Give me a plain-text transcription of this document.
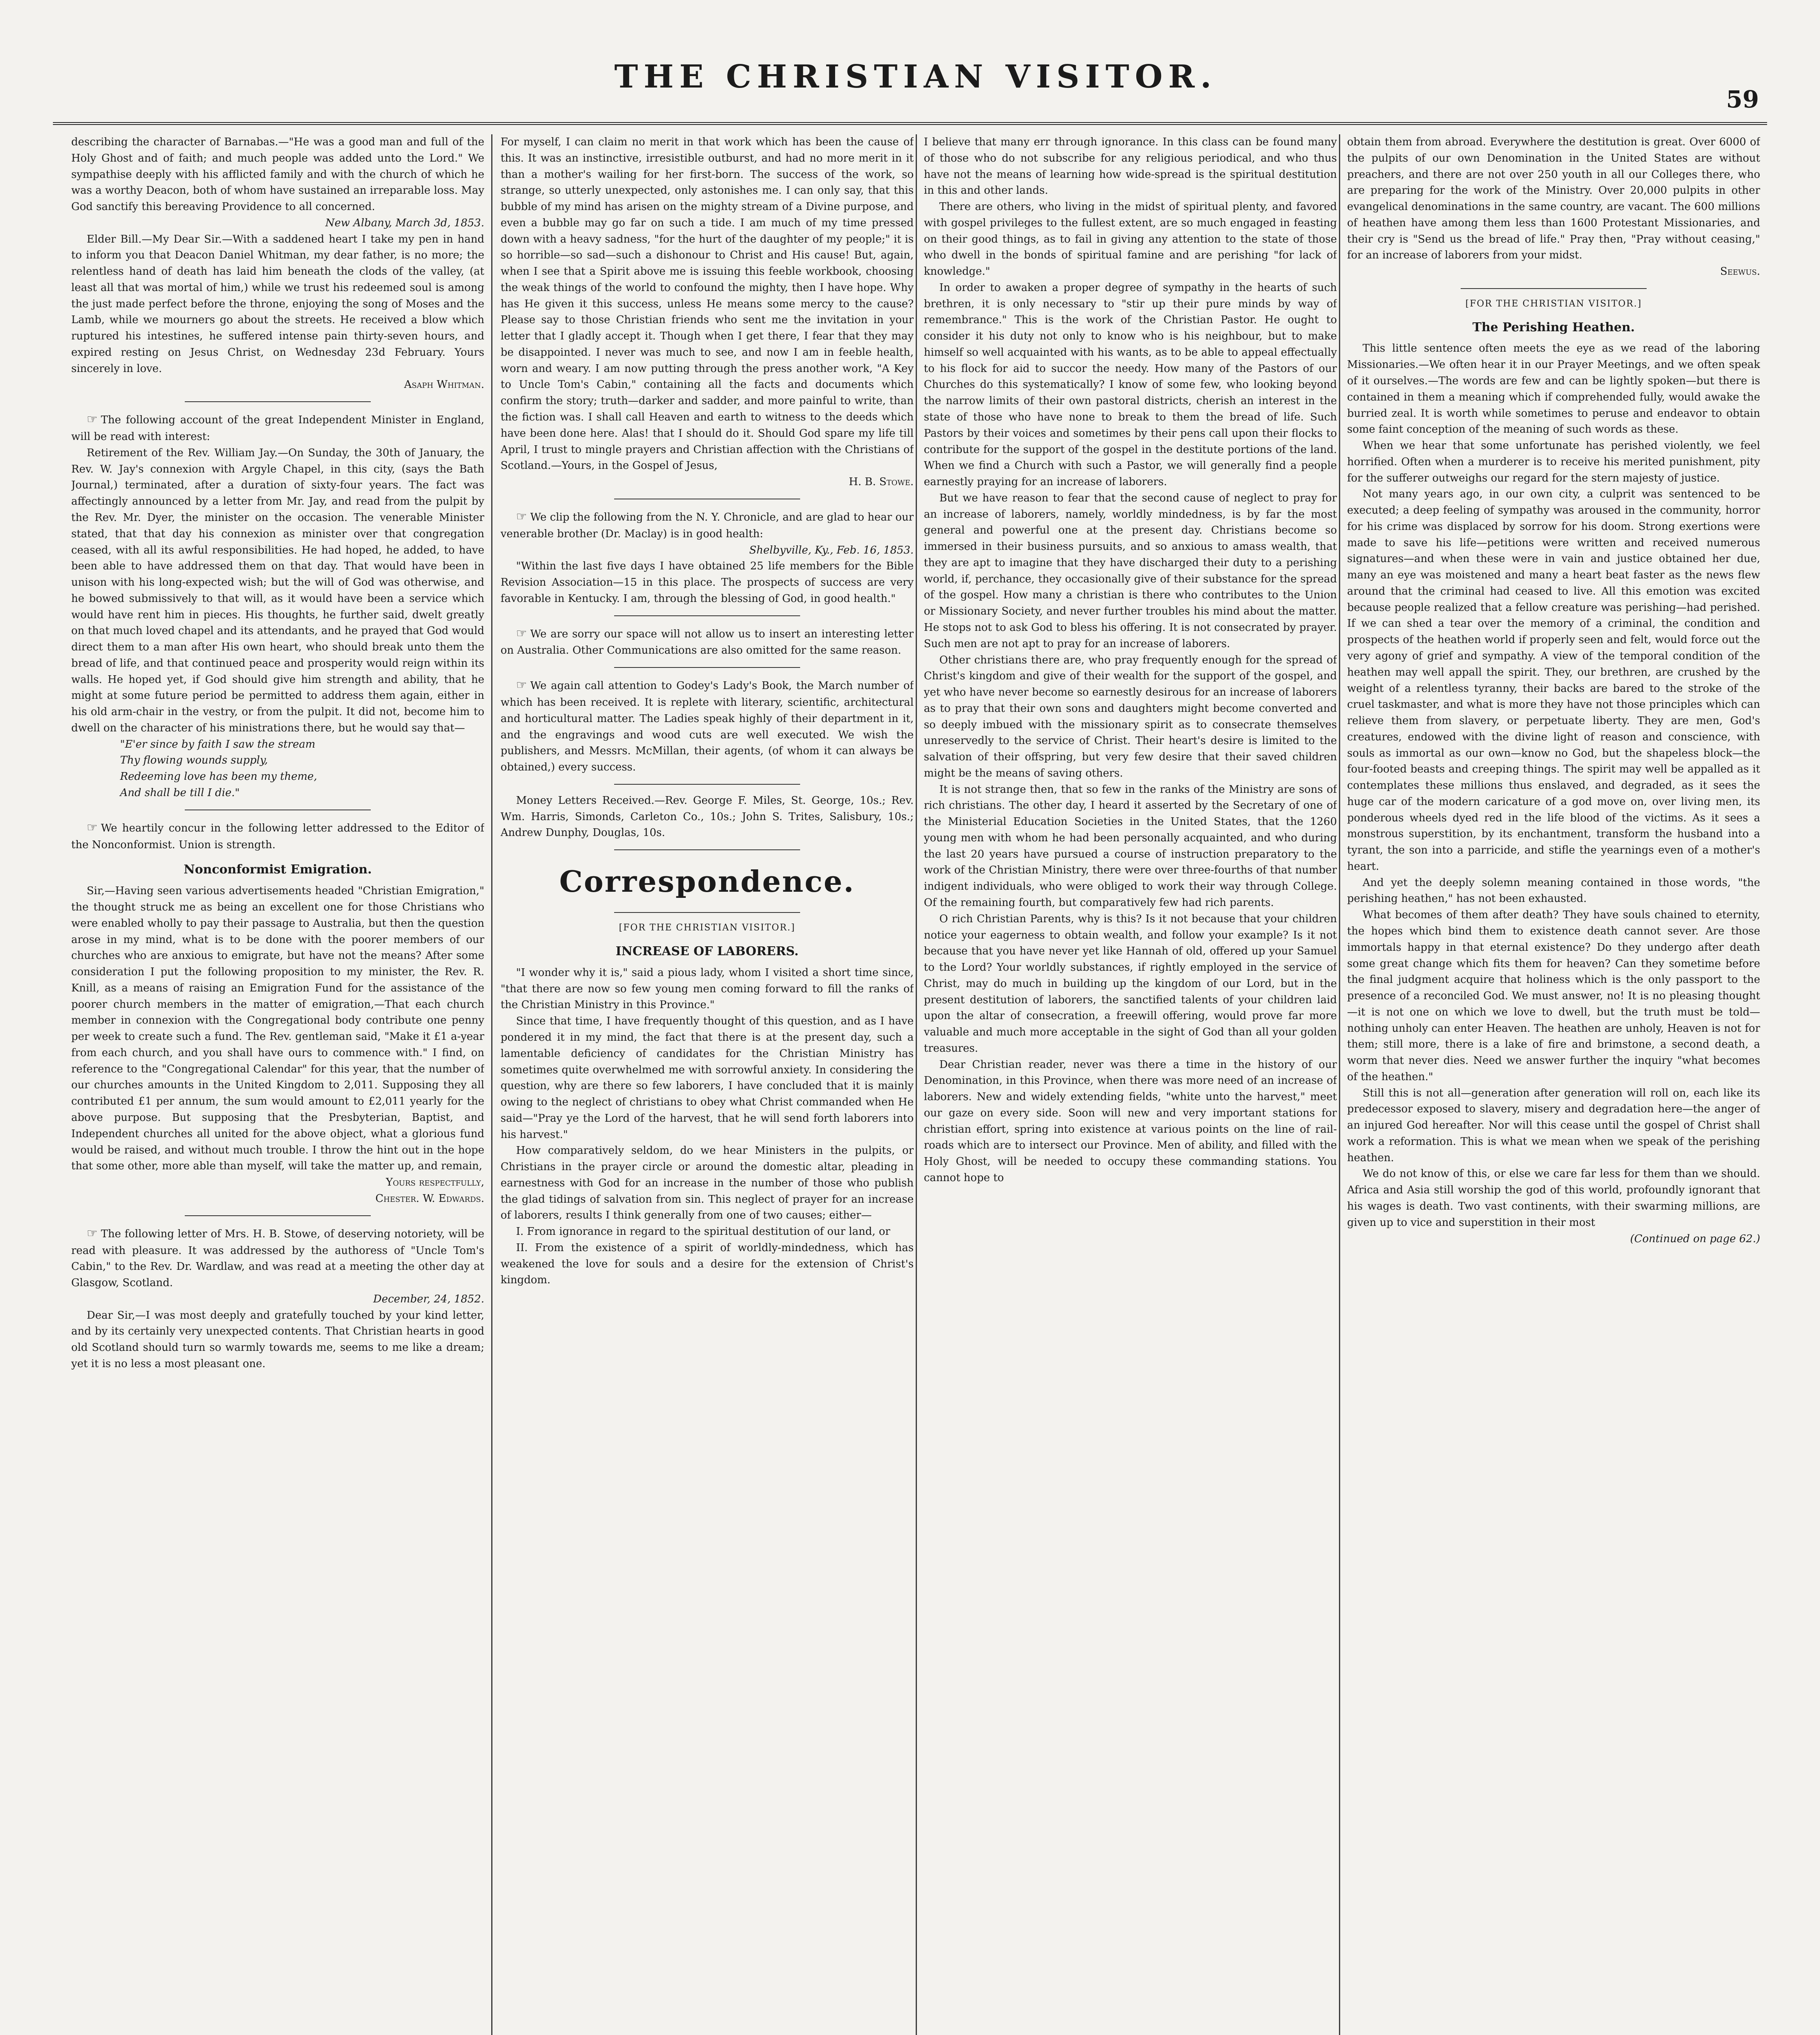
THE CHRISTIAN VISITOR.
59

describing the character of Barnabas.—"He was a good man and full of the Holy Ghost and of faith; and much people was added unto the Lord." We sympathise deeply with his afflicted family and with the church of which he was a worthy Deacon, both of whom have sustained an irreparable loss. May God sanctify this bereaving Providence to all concerned.

New Albany, March 3d, 1853.

Elder Bill.—My Dear Sir.—With a saddened heart I take my pen in hand to inform you that Deacon Daniel Whitman, my dear father, is no more; the relentless hand of death has laid him beneath the clods of the valley, (at least all that was mortal of him,) while we trust his redeemed soul is among the just made perfect before the throne, enjoying the song of Moses and the Lamb, while we mourners go about the streets. He received a blow which ruptured his intestines, he suffered intense pain thirty-seven hours, and expired resting on Jesus Christ, on Wednesday 23d February. Yours sincerely in love.

Asaph Whitman.

☞ The following account of the great Independent Minister in England, will be read with interest:

Retirement of the Rev. William Jay.—On Sunday, the 30th of January, the Rev. W. Jay's connexion with Argyle Chapel, in this city, (says the Bath Journal,) terminated, after a duration of sixty-four years. The fact was affectingly announced by a letter from Mr. Jay, and read from the pulpit by the Rev. Mr. Dyer, the minister on the occasion. The venerable Minister stated, that that day his connexion as minister over that congregation ceased, with all its awful responsibilities. He had hoped, he added, to have been able to have addressed them on that day. That would have been in unison with his long-expected wish; but the will of God was otherwise, and he bowed submissively to that will, as it would have been a service which would have rent him in pieces. His thoughts, he further said, dwelt greatly on that much loved chapel and its attendants, and he prayed that God would direct them to a man after His own heart, who should break unto them the bread of life, and that continued peace and prosperity would reign within its walls. He hoped yet, if God should give him strength and ability, that he might at some future period be permitted to address them again, either in his old arm-chair in the vestry, or from the pulpit. It did not, become him to dwell on the character of his ministrations there, but he would say that—

"E'er since by faith I saw the stream

Thy flowing wounds supply,

Redeeming love has been my theme,

And shall be till I die."

☞ We heartily concur in the following letter addressed to the Editor of the Nonconformist. Union is strength.

Nonconformist Emigration.

Sir,—Having seen various advertisements headed "Christian Emigration," the thought struck me as being an excellent one for those Christians who were enabled wholly to pay their passage to Australia, but then the question arose in my mind, what is to be done with the poorer members of our churches who are anxious to emigrate, but have not the means? After some consideration I put the following proposition to my minister, the Rev. R. Knill, as a means of raising an Emigration Fund for the assistance of the poorer church members in the matter of emigration,—That each church member in connexion with the Congregational body contribute one penny per week to create such a fund. The Rev. gentleman said, "Make it £1 a-year from each church, and you shall have ours to commence with." I find, on reference to the "Congregational Calendar" for this year, that the number of our churches amounts in the United Kingdom to 2,011. Supposing they all contributed £1 per annum, the sum would amount to £2,011 yearly for the above purpose. But supposing that the Presbyterian, Baptist, and Independent churches all united for the above object, what a glorious fund would be raised, and without much trouble. I throw the hint out in the hope that some other, more able than myself, will take the matter up, and remain,

Yours respectfully,

Chester. W. Edwards.

☞ The following letter of Mrs. H. B. Stowe, of deserving notoriety, will be read with pleasure. It was addressed by the authoress of "Uncle Tom's Cabin," to the Rev. Dr. Wardlaw, and was read at a meeting the other day at Glasgow, Scotland.

December, 24, 1852.

Dear Sir,—I was most deeply and gratefully touched by your kind letter, and by its certainly very unexpected contents. That Christian hearts in good old Scotland should turn so warmly towards me, seems to me like a dream; yet it is no less a most pleasant one.

For myself, I can claim no merit in that work which has been the cause of this. It was an instinctive, irresistible outburst, and had no more merit in it than a mother's wailing for her first-born. The success of the work, so strange, so utterly unexpected, only astonishes me. I can only say, that this bubble of my mind has arisen on the mighty stream of a Divine purpose, and even a bubble may go far on such a tide. I am much of my time pressed down with a heavy sadness, "for the hurt of the daughter of my people;" it is so horrible—so sad—such a dishonour to Christ and His cause! But, again, when I see that a Spirit above me is issuing this feeble workbook, choosing the weak things of the world to confound the mighty, then I have hope. Why has He given it this success, unless He means some mercy to the cause? Please say to those Christian friends who sent me the invitation in your letter that I gladly accept it. Though when I get there, I fear that they may be disappointed. I never was much to see, and now I am in feeble health, worn and weary. I am now putting through the press another work, "A Key to Uncle Tom's Cabin," containing all the facts and documents which confirm the story; truth—darker and sadder, and more painful to write, than the fiction was. I shall call Heaven and earth to witness to the deeds which have been done here. Alas! that I should do it. Should God spare my life till April, I trust to mingle prayers and Christian affection with the Christians of Scotland.—Yours, in the Gospel of Jesus,

H. B. Stowe.

☞ We clip the following from the N. Y. Chronicle, and are glad to hear our venerable brother (Dr. Maclay) is in good health:

Shelbyville, Ky., Feb. 16, 1853.

"Within the last five days I have obtained 25 life members for the Bible Revision Association—15 in this place. The prospects of success are very favorable in Kentucky. I am, through the blessing of God, in good health."

☞ We are sorry our space will not allow us to insert an interesting letter on Australia. Other Communications are also omitted for the same reason.

☞ We again call attention to Godey's Lady's Book, the March number of which has been received. It is replete with literary, scientific, architectural and horticultural matter. The Ladies speak highly of their department in it, and the engravings and wood cuts are well executed. We wish the publishers, and Messrs. McMillan, their agents, (of whom it can always be obtained,) every success.

Money Letters Received.—Rev. George F. Miles, St. George, 10s.; Rev. Wm. Harris, Simonds, Carleton Co., 10s.; John S. Trites, Salisbury, 10s.; Andrew Dunphy, Douglas, 10s.

Correspondence.
[FOR THE CHRISTIAN VISITOR.]
INCREASE OF LABORERS.

"I wonder why it is," said a pious lady, whom I visited a short time since, "that there are now so few young men coming forward to fill the ranks of the Christian Ministry in this Province."

Since that time, I have frequently thought of this question, and as I have pondered it in my mind, the fact that there is at the present day, such a lamentable deficiency of candidates for the Christian Ministry has sometimes quite overwhelmed me with sorrowful anxiety. In considering the question, why are there so few laborers, I have concluded that it is mainly owing to the neglect of christians to obey what Christ commanded when He said—"Pray ye the Lord of the harvest, that he will send forth laborers into his harvest."

How comparatively seldom, do we hear Ministers in the pulpits, or Christians in the prayer circle or around the domestic altar, pleading in earnestness with God for an increase in the number of those who publish the glad tidings of salvation from sin. This neglect of prayer for an increase of laborers, results I think generally from one of two causes; either—

I. From ignorance in regard to the spiritual destitution of our land, or

II. From the existence of a spirit of worldly-mindedness, which has weakened the love for souls and a desire for the extension of Christ's kingdom.

I believe that many err through ignorance. In this class can be found many of those who do not subscribe for any religious periodical, and who thus have not the means of learning how wide-spread is the spiritual destitution in this and other lands.

There are others, who living in the midst of spiritual plenty, and favored with gospel privileges to the fullest extent, are so much engaged in feasting on their good things, as to fail in giving any attention to the state of those who dwell in the bonds of spiritual famine and are perishing "for lack of knowledge."

In order to awaken a proper degree of sympathy in the hearts of such brethren, it is only necessary to "stir up their pure minds by way of remembrance." This is the work of the Christian Pastor. He ought to consider it his duty not only to know who is his neighbour, but to make himself so well acquainted with his wants, as to be able to appeal effectually to his flock for aid to succor the needy. How many of the Pastors of our Churches do this systematically? I know of some few, who looking beyond the narrow limits of their own pastoral districts, cherish an interest in the state of those who have none to break to them the bread of life. Such Pastors by their voices and sometimes by their pens call upon their flocks to contribute for the support of the gospel in the destitute portions of the land. When we find a Church with such a Pastor, we will generally find a people earnestly praying for an increase of laborers.

But we have reason to fear that the second cause of neglect to pray for an increase of laborers, namely, worldly mindedness, is by far the most general and powerful one at the present day. Christians become so immersed in their business pursuits, and so anxious to amass wealth, that they are apt to imagine that they have discharged their duty to a perishing world, if, perchance, they occasionally give of their substance for the spread of the gospel. How many a christian is there who contributes to the Union or Missionary Society, and never further troubles his mind about the matter. He stops not to ask God to bless his offering. It is not consecrated by prayer. Such men are not apt to pray for an increase of laborers.

Other christians there are, who pray frequently enough for the spread of Christ's kingdom and give of their wealth for the support of the gospel, and yet who have never become so earnestly desirous for an increase of laborers as to pray that their own sons and daughters might become converted and so deeply imbued with the missionary spirit as to consecrate themselves unreservedly to the service of Christ. Their heart's desire is limited to the salvation of their offspring, but very few desire that their saved children might be the means of saving others.

It is not strange then, that so few in the ranks of the Ministry are sons of rich christians. The other day, I heard it asserted by the Secretary of one of the Ministerial Education Societies in the United States, that the 1260 young men with whom he had been personally acquainted, and who during the last 20 years have pursued a course of instruction preparatory to the work of the Christian Ministry, there were over three-fourths of that number indigent individuals, who were obliged to work their way through College. Of the remaining fourth, but comparatively few had rich parents.

O rich Christian Parents, why is this? Is it not because that your children notice your eagerness to obtain wealth, and follow your example? Is it not because that you have never yet like Hannah of old, offered up your Samuel to the Lord? Your worldly substances, if rightly employed in the service of Christ, may do much in building up the kingdom of our Lord, but in the present destitution of laborers, the sanctified talents of your children laid upon the altar of consecration, a freewill offering, would prove far more valuable and much more acceptable in the sight of God than all your golden treasures.

Dear Christian reader, never was there a time in the history of our Denomination, in this Province, when there was more need of an increase of laborers. New and widely extending fields, "white unto the harvest," meet our gaze on every side. Soon will new and very important stations for christian effort, spring into existence at various points on the line of rail-roads which are to intersect our Province. Men of ability, and filled with the Holy Ghost, will be needed to occupy these commanding stations. You cannot hope to

obtain them from abroad. Everywhere the destitution is great. Over 6000 of the pulpits of our own Denomination in the United States are without preachers, and there are not over 250 youth in all our Colleges there, who are preparing for the work of the Ministry. Over 20,000 pulpits in other evangelical denominations in the same country, are vacant. The 600 millions of heathen have among them less than 1600 Protestant Missionaries, and their cry is "Send us the bread of life." Pray then, "Pray without ceasing," for an increase of laborers from your midst.

Seewus.

[FOR THE CHRISTIAN VISITOR.]
The Perishing Heathen.

This little sentence often meets the eye as we read of the laboring Missionaries.—We often hear it in our Prayer Meetings, and we often speak of it ourselves.—The words are few and can be lightly spoken—but there is contained in them a meaning which if comprehended fully, would awake the burried zeal. It is worth while sometimes to peruse and endeavor to obtain some faint conception of the meaning of such words as these.

When we hear that some unfortunate has perished violently, we feel horrified. Often when a murderer is to receive his merited punishment, pity for the sufferer outweighs our regard for the stern majesty of justice.

Not many years ago, in our own city, a culprit was sentenced to be executed; a deep feeling of sympathy was aroused in the community, horror for his crime was displaced by sorrow for his doom. Strong exertions were made to save his life—petitions were written and received numerous signatures—and when these were in vain and justice obtained her due, many an eye was moistened and many a heart beat faster as the news flew around that the criminal had ceased to live. All this emotion was excited because people realized that a fellow creature was perishing—had perished. If we can shed a tear over the memory of a criminal, the condition and prospects of the heathen world if properly seen and felt, would force out the very agony of grief and sympathy. A view of the temporal condition of the heathen may well appall the spirit. They, our brethren, are crushed by the weight of a relentless tyranny, their backs are bared to the stroke of the cruel taskmaster, and what is more they have not those principles which can relieve them from slavery, or perpetuate liberty. They are men, God's creatures, endowed with the divine light of reason and conscience, with souls as immortal as our own—know no God, but the shapeless block—the four-footed beasts and creeping things. The spirit may well be appalled as it contemplates these millions thus enslaved, and degraded, as it sees the huge car of the modern caricature of a god move on, over living men, its ponderous wheels dyed red in the life blood of the victims. As it sees a monstrous superstition, by its enchantment, transform the husband into a tyrant, the son into a parricide, and stifle the yearnings even of a mother's heart.

And yet the deeply solemn meaning contained in those words, "the perishing heathen," has not been exhausted.

What becomes of them after death? They have souls chained to eternity, the hopes which bind them to existence death cannot sever. Are those immortals happy in that eternal existence? Do they undergo after death some great change which fits them for heaven? Can they sometime before the final judgment acquire that holiness which is the only passport to the presence of a reconciled God. We must answer, no! It is no pleasing thought—it is not one on which we love to dwell, but the truth must be told—nothing unholy can enter Heaven. The heathen are unholy, Heaven is not for them; still more, there is a lake of fire and brimstone, a second death, a worm that never dies. Need we answer further the inquiry "what becomes of the heathen."

Still this is not all—generation after generation will roll on, each like its predecessor exposed to slavery, misery and degradation here—the anger of an injured God hereafter. Nor will this cease until the gospel of Christ shall work a reformation. This is what we mean when we speak of the perishing heathen.

We do not know of this, or else we care far less for them than we should. Africa and Asia still worship the god of this world, profoundly ignorant that his wages is death. Two vast continents, with their swarming millions, are given up to vice and superstition in their most

(Continued on page 62.)
